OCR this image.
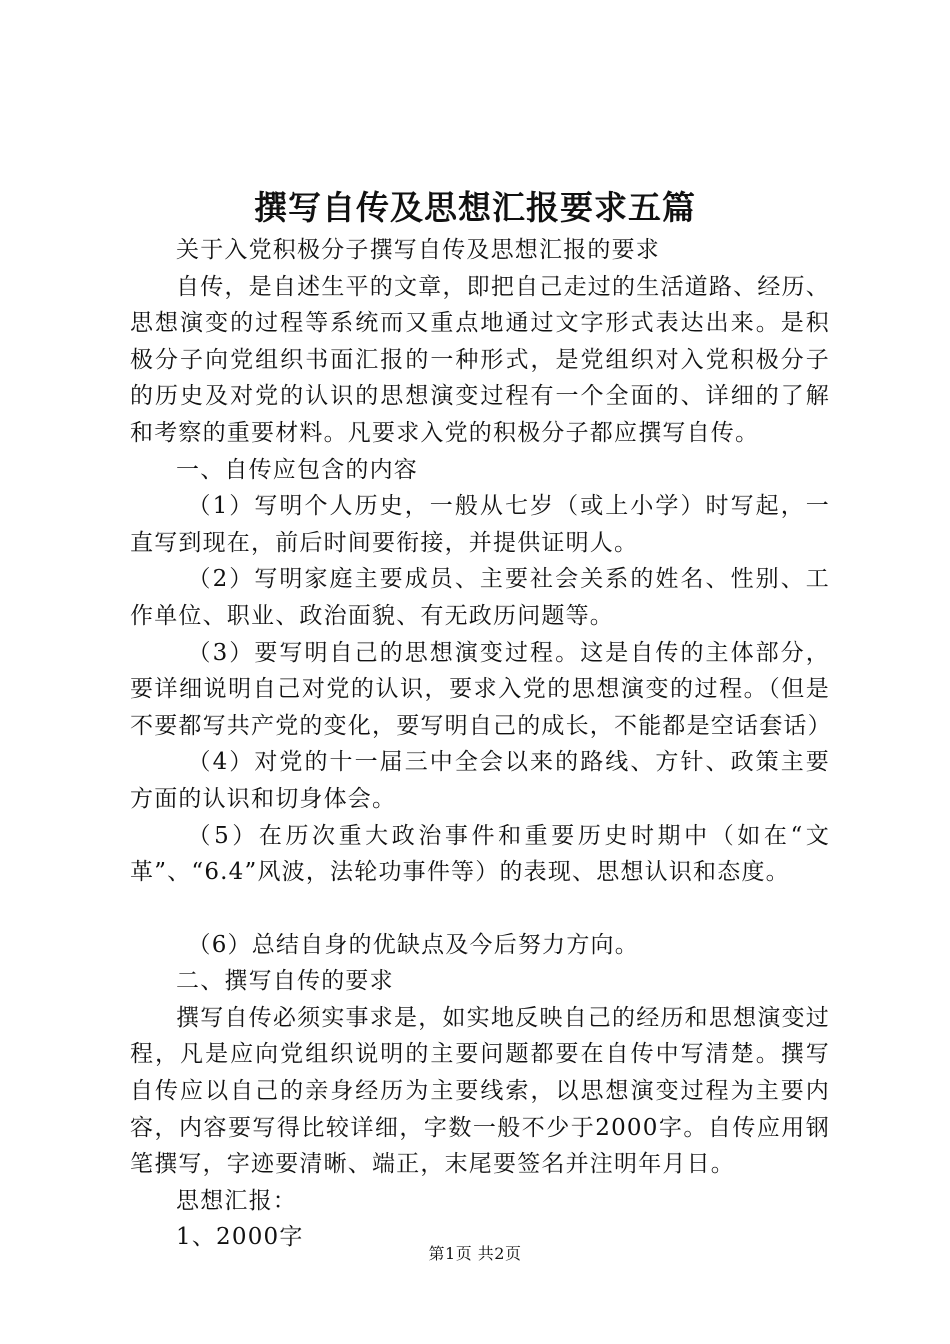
撰写自传及思想汇报要求五篇

关于入党积极分子撰写自传及思想汇报的要求

自传，是自述生平的文章，即把自己走过的生活道路、经历、思想演变的过程等系统而又重点地通过文字形式表达出来。是积极分子向党组织书面汇报的一种形式，是党组织对入党积极分子的历史及对党的认识的思想演变过程有一个全面的、详细的了解和考察的重要材料。凡要求入党的积极分子都应撰写自传。

一、自传应包含的内容

（1）写明个人历史，一般从七岁（或上小学）时写起，一直写到现在，前后时间要衔接，并提供证明人。

（2）写明家庭主要成员、主要社会关系的姓名、性别、工作单位、职业、政治面貌、有无政历问题等。

（3）要写明自己的思想演变过程。这是自传的主体部分，要详细说明自己对党的认识，要求入党的思想演变的过程。（但是不要都写共产党的变化，要写明自己的成长，不能都是空话套话）

（4）对党的十一届三中全会以来的路线、方针、政策主要方面的认识和切身体会。

（5）在历次重大政治事件和重要历史时期中（如在“文革”、“6.4”风波，法轮功事件等）的表现、思想认识和态度。

（6）总结自身的优缺点及今后努力方向。

二、撰写自传的要求

撰写自传必须实事求是，如实地反映自己的经历和思想演变过程，凡是应向党组织说明的主要问题都要在自传中写清楚。撰写自传应以自己的亲身经历为主要线索，以思想演变过程为主要内容，内容要写得比较详细，字数一般不少于2000字。自传应用钢笔撰写，字迹要清晰、端正，末尾要签名并注明年月日。

思想汇报：

1、2000字

第1页 共2页
